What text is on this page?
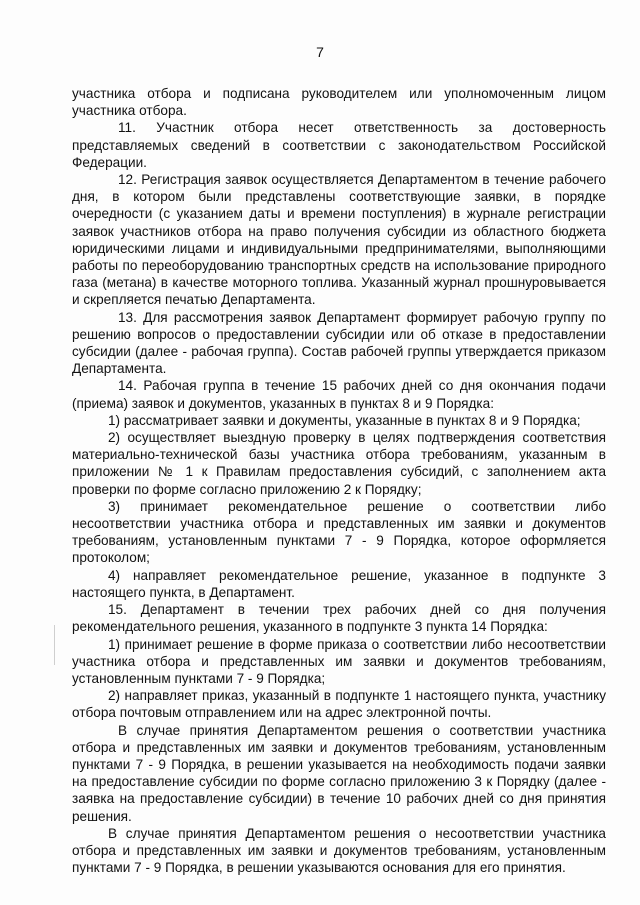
7

участника отбора и подписана руководителем или уполномоченным лицом участника отбора.

11. Участник отбора несет ответственность за достоверность представляемых сведений в соответствии с законодательством Российской Федерации.

12. Регистрация заявок осуществляется Департаментом в течение рабочего дня, в котором были представлены соответствующие заявки, в порядке очередности (с указанием даты и времени поступления) в журнале регистрации заявок участников отбора на право получения субсидии из областного бюджета юридическими лицами и индивидуальными предпринимателями, выполняющими работы по переоборудованию транспортных средств на использование природного газа (метана) в качестве моторного топлива. Указанный журнал прошнуровывается и скрепляется печатью Департамента.

13. Для рассмотрения заявок Департамент формирует рабочую группу по решению вопросов о предоставлении субсидии или об отказе в предоставлении субсидии (далее - рабочая группа). Состав рабочей группы утверждается приказом Департамента.

14. Рабочая группа в течение 15 рабочих дней со дня окончания подачи (приема) заявок и документов, указанных в пунктах 8 и 9 Порядка:

1) рассматривает заявки и документы, указанные в пунктах 8 и 9 Порядка;

2) осуществляет выездную проверку в целях подтверждения соответствия материально-технической базы участника отбора требованиям, указанным в приложении № 1 к Правилам предоставления субсидий, с заполнением акта проверки по форме согласно приложению 2 к Порядку;

3) принимает рекомендательное решение о соответствии либо несоответствии участника отбора и представленных им заявки и документов требованиям, установленным пунктами 7 - 9 Порядка, которое оформляется протоколом;

4) направляет рекомендательное решение, указанное в подпункте 3 настоящего пункта, в Департамент.

15. Департамент в течении трех рабочих дней со дня получения рекомендательного решения, указанного в подпункте 3 пункта 14 Порядка:

1) принимает решение в форме приказа о соответствии либо несоответствии участника отбора и представленных им заявки и документов требованиям, установленным пунктами 7 - 9 Порядка;

2) направляет приказ, указанный в подпункте 1 настоящего пункта, участнику отбора почтовым отправлением или на адрес электронной почты.

В случае принятия Департаментом решения о соответствии участника отбора и представленных им заявки и документов требованиям, установленным пунктами 7 - 9 Порядка, в решении указывается на необходимость подачи заявки на предоставление субсидии по форме согласно приложению 3 к Порядку (далее - заявка на предоставление субсидии) в течение 10 рабочих дней со дня принятия решения.

В случае принятия Департаментом решения о несоответствии участника отбора и представленных им заявки и документов требованиям, установленным пунктами 7 - 9 Порядка, в решении указываются основания для его принятия.
